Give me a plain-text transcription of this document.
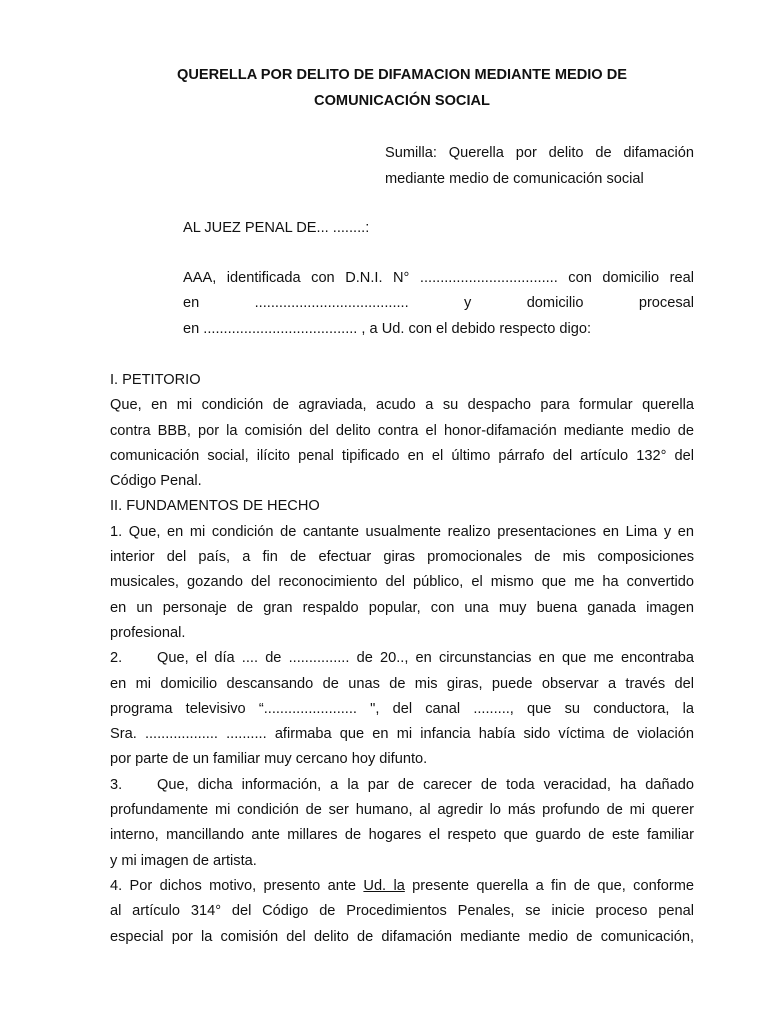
QUERELLA POR DELITO DE DIFAMACION MEDIANTE MEDIO DE
COMUNICACIÓN SOCIAL
Sumilla: Querella por delito de difamación
mediante medio de comunicación social
AL JUEZ PENAL DE... ........:
AAA, identificada con D.N.I. N° .................................. con domicilio real
en ...................................... y domicilio procesal
en ...................................... , a Ud. con el debido respecto digo:
I. PETITORIO
Que, en mi condición de agraviada, acudo a su despacho para formular querella
contra BBB, por la comisión del delito contra el honor-difamación mediante medio de
comunicación social, ilícito penal tipificado en el último párrafo del artículo 132° del
Código Penal.
II. FUNDAMENTOS DE HECHO
1. Que, en mi condición de cantante usualmente realizo presentaciones en Lima y en
interior del país, a fin de efectuar giras promocionales de mis composiciones
musicales, gozando del reconocimiento del público, el mismo que me ha convertido
en un personaje de gran respaldo popular, con una muy buena ganada imagen
profesional.
2. Que, el día .... de ............... de 20.., en circunstancias en que me encontraba
en mi domicilio descansando de unas de mis giras, puede observar a través del
programa televisivo “....................... ", del canal ........., que su conductora, la
Sra. .................. .......... afirmaba que en mi infancia había sido víctima de violación
por parte de un familiar muy cercano hoy difunto.
3. Que, dicha información, a la par de carecer de toda veracidad, ha dañado
profundamente mi condición de ser humano, al agredir lo más profundo de mi querer
interno, mancillando ante millares de hogares el respeto que guardo de este familiar
y mi imagen de artista.
4. Por dichos motivo, presento ante Ud. la presente querella a fin de que, conforme
al artículo 314° del Código de Procedimientos Penales, se inicie proceso penal
especial por la comisión del delito de difamación mediante medio de comunicación,
